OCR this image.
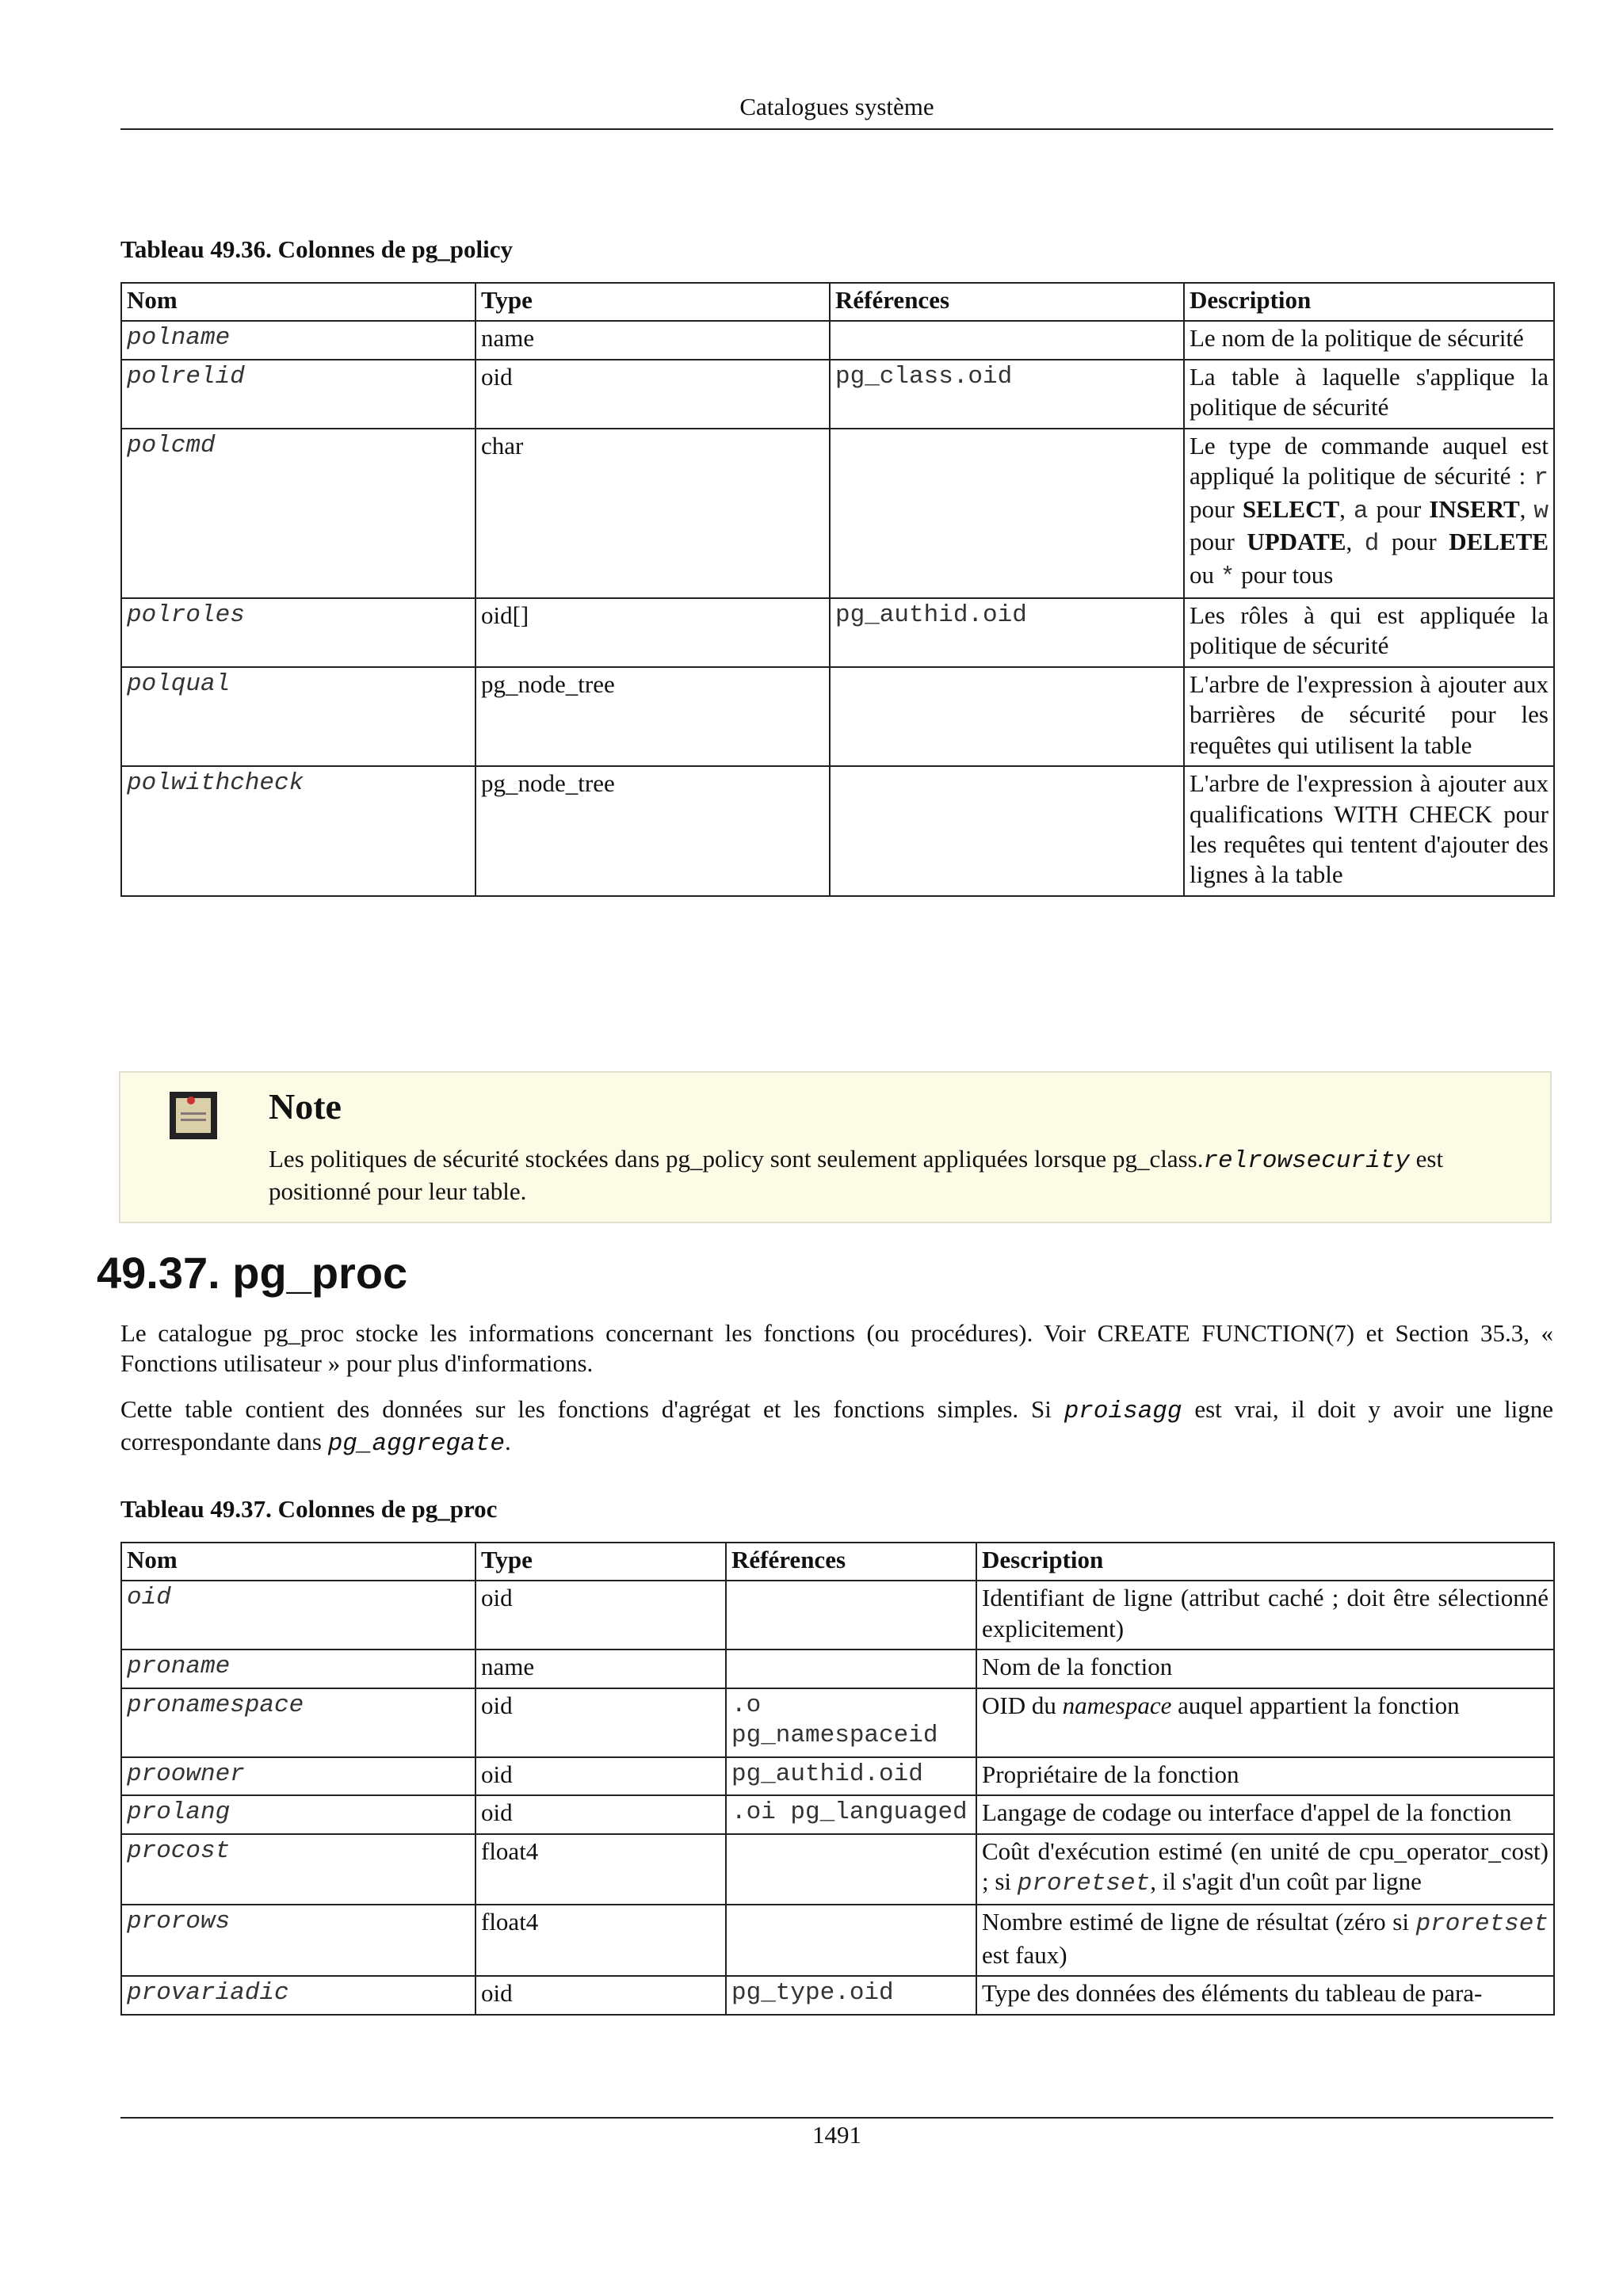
Catalogues système
Tableau 49.36. Colonnes de pg_policy
Nom	Type	Références	Description
polname	name		Le nom de la politique de sécurité
polrelid	oid	pg_class.oid	La table à laquelle s'applique la politique de sécurité
polcmd	char		Le type de commande auquel est appliqué la politique de sécurité : r pour SELECT, a pour INSERT, w pour UPDATE, d pour DELETE ou * pour tous
polroles	oid[]	pg_authid.oid	Les rôles à qui est appliquée la politique de sécurité
polqual	pg_node_tree		L'arbre de l'expression à ajouter aux barrières de sécurité pour les requêtes qui utilisent la table
polwithcheck	pg_node_tree		L'arbre de l'expression à ajouter aux qualifications WITH CHECK pour les requêtes qui tentent d'ajouter des lignes à la table
Note
Les politiques de sécurité stockées dans pg_policy sont seulement appliquées lorsque pg_class.relrowsecurity est positionné pour leur table.
49.37. pg_proc
Le catalogue pg_proc stocke les informations concernant les fonctions (ou procédures). Voir CREATE FUNCTION(7) et Section 35.3, « Fonctions utilisateur » pour plus d'informations.
Cette table contient des données sur les fonctions d'agrégat et les fonctions simples. Si proisagg est vrai, il doit y avoir une ligne correspondante dans pg_aggregate.
Tableau 49.37. Colonnes de pg_proc
Nom	Type	Références	Description
oid	oid		Identifiant de ligne (attribut caché ; doit être sélectionné explicitement)
proname	name		Nom de la fonction
pronamespace	oid	.o pg_namespaceid	OID du namespace auquel appartient la fonction
proowner	oid	pg_authid.oid	Propriétaire de la fonction
prolang	oid	.oi pg_languaged	Langage de codage ou interface d'appel de la fonction
procost	float4		Coût d'exécution estimé (en unité de cpu_operator_cost) ; si proretset, il s'agit d'un coût par ligne
prorows	float4		Nombre estimé de ligne de résultat (zéro si proretset est faux)
provariadic	oid	pg_type.oid	Type des données des éléments du tableau de para-
1491
